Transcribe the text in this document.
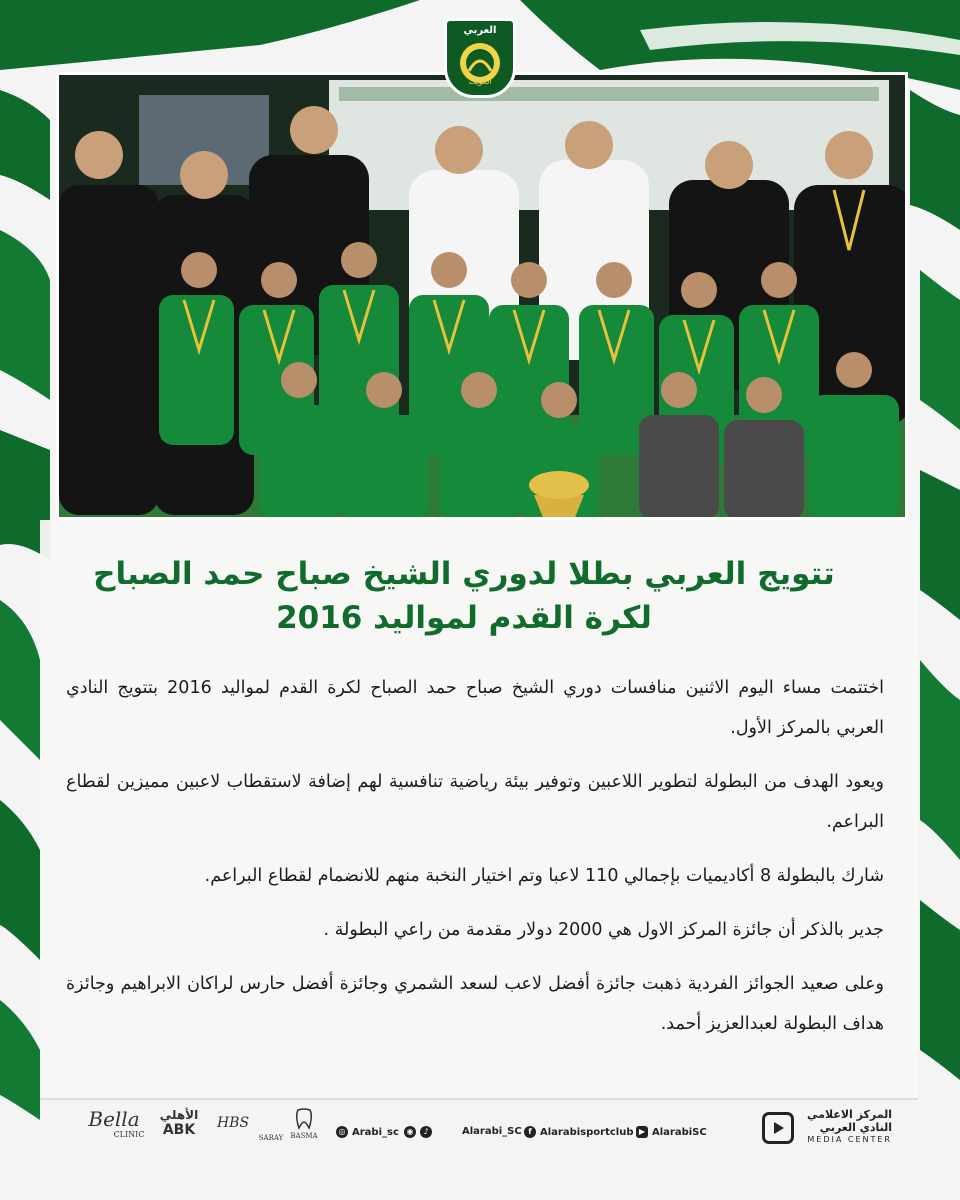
العربي
الكويت
تتويج العربي بطلا لدوري الشيخ صباح حمد الصباح
لكرة القدم لمواليد 2016

اختتمت مساء اليوم الاثنين منافسات دوري الشيخ صباح حمد الصباح لكرة القدم لمواليد 2016 بتتويج النادي العربي بالمركز الأول.

ويعود الهدف من البطولة لتطوير اللاعبين وتوفير بيئة رياضية تنافسية لهم إضافة لاستقطاب لاعبين مميزين لقطاع البراعم.

شارك بالبطولة 8 أكاديميات بإجمالي 110 لاعبا وتم اختيار النخبة منهم للانضمام لقطاع البراعم.

جدير بالذكر أن جائزة المركز الاول هي 2000 دولار مقدمة من راعي البطولة .

وعلى صعيد الجوائز الفردية ذهبت جائزة أفضل لاعب لسعد الشمري وجائزة أفضل حارس لراكان الابراهيم وجائزة هداف البطولة لعبدالعزيز أحمد.

Bella
CLINIC
الأهلي
ABK	HBS
SARAY	BASMA	◎ Arabi_sc ◉	♪	Alarabi_SC f Alarabisportclub ▶ AlarabiSC
المركز الاعلامي
النادي العربي
MEDIA CENTER
